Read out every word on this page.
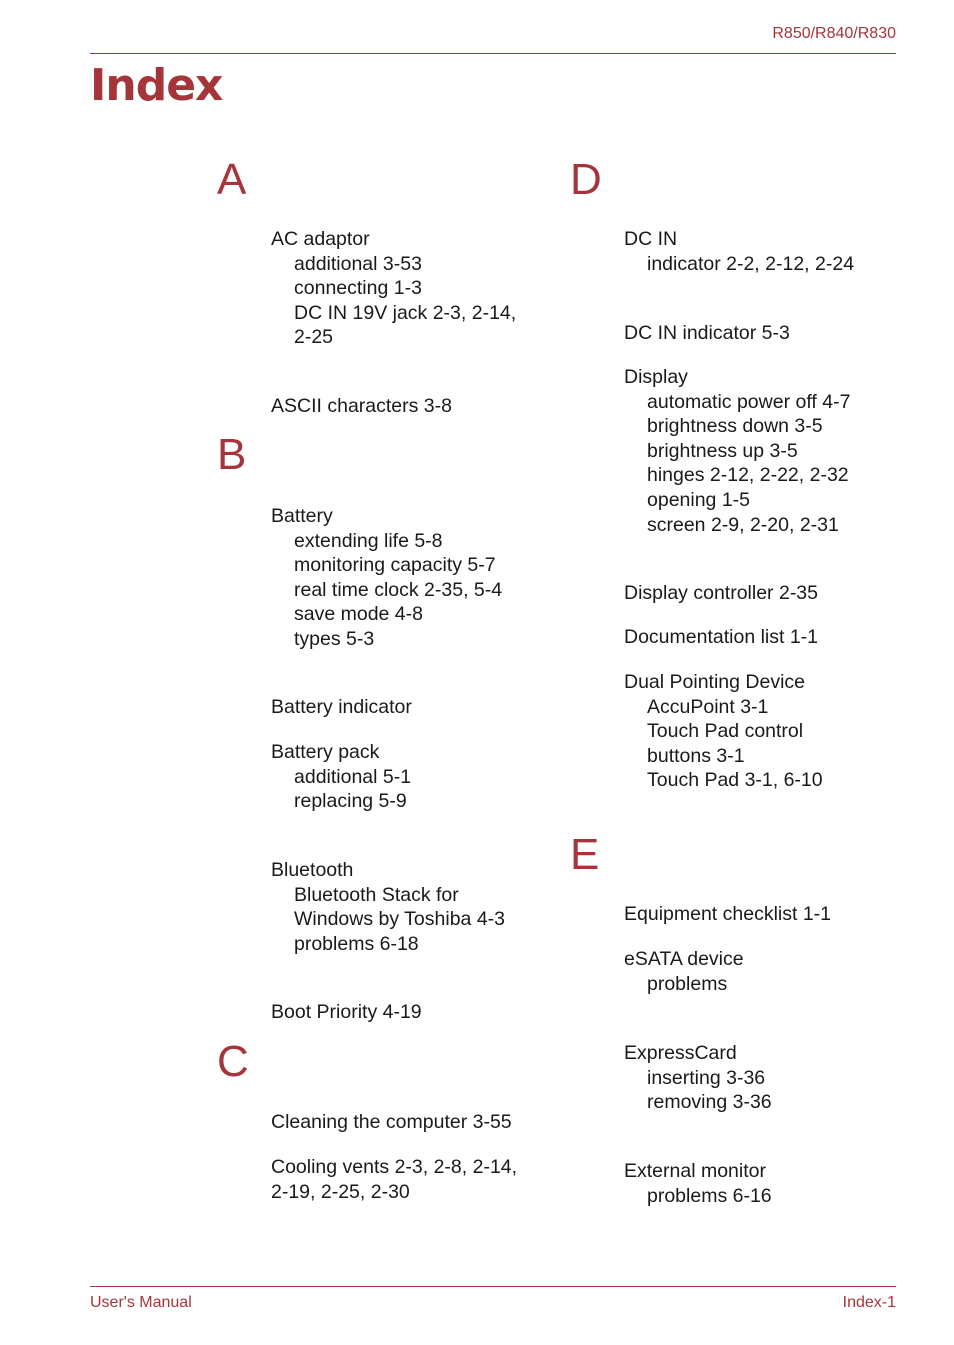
R850/R840/R830
Index
A
AC adaptor
additional 3-53
connecting 1-3
DC IN 19V jack 2-3, 2-14,
2-25
ASCII characters 3-8
B
Battery
extending life 5-8
monitoring capacity 5-7
real time clock 2-35, 5-4
save mode 4-8
types 5-3
Battery indicator
Battery pack
additional 5-1
replacing 5-9
Bluetooth
Bluetooth Stack for
Windows by Toshiba 4-3
problems 6-18
Boot Priority 4-19
C
Cleaning the computer 3-55
Cooling vents 2-3, 2-8, 2-14,
2-19, 2-25, 2-30
D
DC IN
indicator 2-2, 2-12, 2-24
DC IN indicator 5-3
Display
automatic power off 4-7
brightness down 3-5
brightness up 3-5
hinges 2-12, 2-22, 2-32
opening 1-5
screen 2-9, 2-20, 2-31
Display controller 2-35
Documentation list 1-1
Dual Pointing Device
AccuPoint 3-1
Touch Pad control
buttons 3-1
Touch Pad 3-1, 6-10
E
Equipment checklist 1-1
eSATA device
problems
ExpressCard
inserting 3-36
removing 3-36
External monitor
problems 6-16
User's Manual	Index-1
